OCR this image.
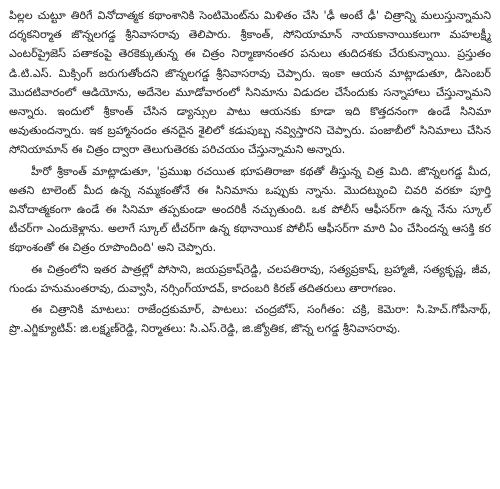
పిల్లల చుట్టూ తిరిగే వినోదాత్మక కథాంశానికి సెంటిమెంట్‌ను మిళితం చేసి 'ఢీ అంటే ఢీ' చిత్రాన్ని మలుస్తున్నామని దర్శకనిర్మాత జొన్నలగడ్డ శ్రీనివాసరావు తెలిపారు. శ్రీకాంత్, సోనియామాన్ నాయకానాయికలుగా మహలక్ష్మీ ఎంటర్‌ప్రైజెస్ పతాకంపై తెరకెక్కుతున్న ఈ చిత్రం నిర్మాణానంతర పనులు తుదిదశకు చేరుకున్నాయి. ప్రస్తుతం డి.టి.ఎస్. మిక్సింగ్ జరుగుతోందని జొన్నలగడ్డ శ్రీనివాసరావు చెప్పారు. ఇంకా ఆయన మాట్లాడుతూ, డిసెంబర్ మొదటివారంలో ఆడియోను, అదేనెల మూడోవారంలో సినిమాను విడుదల చేసేందుకు సన్నాహాలు చేస్తున్నామని అన్నారు. ఇందులో శ్రీకాంత్ చేసిన డ్యాన్సుల పాటు ఆయనకు కూడా ఇది కొత్తదనంగా ఉండే సినిమా అవుతుందన్నారు. ఇక బ్రహ్మానందం తనదైన శైలిలో కడుపుబ్బ నవ్విస్తారని చెప్పారు. పంజాబీలో సినిమాలు చేసిన సోనియామాన్ ఈ చిత్రం ద్వారా తెలుగుతెరకు పరిచయం చేస్తున్నామని అన్నారు.

హీరో శ్రీకాంత్ మాట్లాడుతూ, 'ప్రముఖ రచయిత భూపతిరాజా కథతో తీస్తున్న చిత్ర మిది. జొన్నలగడ్డ మీద, అతని టాలెంట్ మీద ఉన్న నమ్మకంతోనే ఈ సినిమాను ఒప్పుకు న్నాను. మొదట్నుంచి చివరి వరకూ పూర్తి వినోదాత్మకంగా ఉండే ఈ సినిమా తప్పకుండా అందరికీ నచ్చుతుంది. ఒక పోలీస్ ఆఫీసర్‌గా ఉన్న నేను స్కూల్ టీచర్‌గా ఎందుకెళ్లాను. అలాగే స్కూల్ టీచర్‌గా ఉన్న కథానాయిక పోలీస్ ఆఫీసర్‌గా మారి ఏం చేసిందన్న ఆసక్తి కర కథాంశంతో ఈ చిత్రం రూపొందింది' అని చెప్పారు.

ఈ చిత్రంలోని ఇతర పాత్రల్లో పోసాని, జయప్రకాష్‌రెడ్డి, చలపతిరావు, సత్యప్రకాష్, బ్రహ్మాజీ, సత్యకృష్ణ, జీవ, గుండు హనుమంతరావు, దువ్వాసి, నర్సింగ్‌యాదవ్, కాదంబరి కిరణ్ తదితరులు తారాగణం.

ఈ చిత్రానికి మాటలు: రాజేంద్రకుమార్, పాటలు: చంద్రబోస్, సంగీతం: చక్రి, కెమెరా: సి.హెచ్.గోపీనాథ్, ప్రొ.ఎగ్జిక్యూటివ్: జి.లక్ష్మణ్‌రెడ్డి, నిర్మాతలు: సి.ఎస్.రెడ్డి, జి.జ్యోతిక, జొన్న లగడ్డ శ్రీనివాసరావు.
